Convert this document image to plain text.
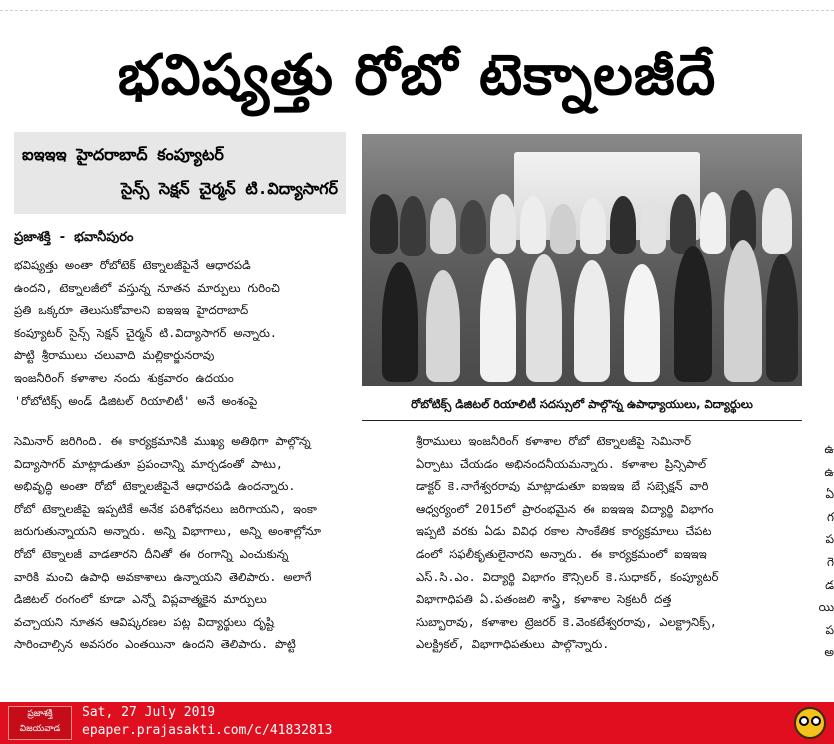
భవిష్యత్తు రోబో టెక్నాలజీదే
ఐఇఇఇ హైదరాబాద్ కంప్యూటర్
సైన్స్ సెక్షన్ చైర్మన్ టి.విద్యాసాగర్
రోబోటిక్స్ డిజిటల్ రియాలిటీ సదస్సులో పాల్గొన్న ఉపాధ్యాయులు, విద్యార్థులు
ప్రజాశక్తి - భవానీపురం
భవిష్యత్తు అంతా రోబోటెక్ టెక్నాలజీపైనే ఆధారపడి
ఉందని, టెక్నాలజీలో వస్తున్న నూతన మార్పులు గురించి
ప్రతి ఒక్కరూ తెలుసుకోవాలని ఐఇఇఇ హైదరాబాద్
కంప్యూటర్ సైన్స్ సెక్షన్ చైర్మన్ టి.విద్యాసాగర్ అన్నారు.
పొట్టి శ్రీరాములు చలువాది మల్లికార్జునరావు
ఇంజనీరింగ్ కళాశాల నందు శుక్రవారం ఉదయం
'రోబోటిక్స్ అండ్ డిజిటల్ రియాలిటీ' అనే అంశంపై
సెమినార్ జరిగింది. ఈ కార్యక్రమానికి ముఖ్య అతిథిగా పాల్గొన్న
విద్యాసాగర్ మాట్లాడుతూ ప్రపంచాన్ని మార్చడంతో పాటు,
అభివృద్ధి అంతా రోబో టెక్నాలజీపైనే ఆధారపడి ఉందన్నారు.
రోబో టెక్నాలజీపై ఇప్పటికే అనేక పరిశోధనలు జరిగాయని, ఇంకా
జరుగుతున్నాయని అన్నారు. అన్ని విభాగాలు, అన్ని అంశాల్లోనూ
రోబో టెక్నాలజీ వాడతారని దీనితో ఈ రంగాన్ని ఎంచుకున్న
వారికి మంచి ఉపాధి అవకాశాలు ఉన్నాయని తెలిపారు. అలాగే
డిజిటల్ రంగంలో కూడా ఎన్నో విప్లవాత్మకైన మార్పులు
వచ్చాయని నూతన ఆవిష్కరణల పట్ల విద్యార్థులు దృష్టి
సారించాల్సిన అవసరం ఎంతయినా ఉందని తెలిపారు. పొట్టి
శ్రీరాములు ఇంజనీరింగ్ కళాశాల రోబో టెక్నాలజీపై సెమినార్
ఏర్పాటు చేయడం అభినందనీయమన్నారు. కళాశాల ప్రిన్సిపాల్
డాక్టర్ కె.నాగేశ్వరరావు మాట్లాడుతూ ఐఇఇఇ బే సబ్సెక్షన్ వారి
ఆధ్వర్యంలో 2015లో ప్రారంభమైన ఈ ఐఇఇఇ విద్యార్థి విభాగం
ఇప్పటి వరకు ఏడు వివిధ రకాల సాంకేతిక కార్యక్రమాలు చేపట
డంలో సఫలీకృతులైనారని అన్నారు. ఈ కార్యక్రమంలో ఐఇఇఇ
ఎస్.సి.ఎం. విద్యార్థి విభాగం కౌన్సిలర్ కె.సుధాకర్, కంప్యూటర్
విభాగాధిపతి ఏ.పతంజలి శాస్త్రి, కళాశాల సెక్రటరీ దత్త
సుబ్బారావు, కళాశాల ట్రెజరర్ కె.వెంకటేశ్వరరావు, ఎలక్ట్రానిక్స్,
ఎలక్ట్రికల్, విభాగాధిపతులు పాల్గొన్నారు.
ఉ
ఉ
ఏ
గ
ప
గె
డ
యి
ప
అ
ప్రజాశక్తి విజయవాడ
Sat, 27 July 2019
epaper.prajasakti.com/c/41832813
